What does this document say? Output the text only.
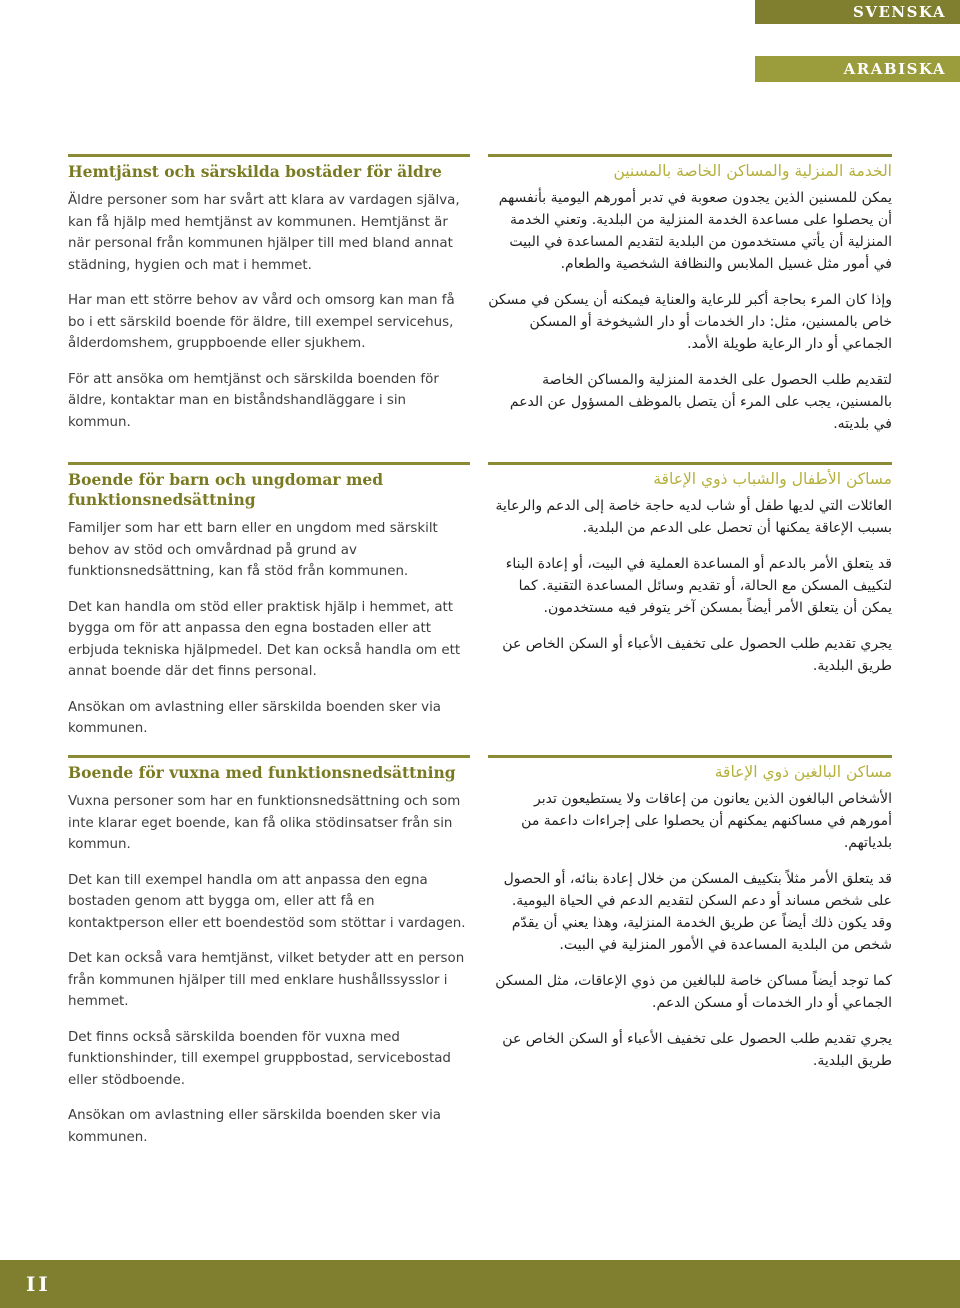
SVENSKA
ARABISKA
Hemtjänst och särskilda bostäder för äldre

Äldre personer som har svårt att klara av vardagen själva, kan få hjälp med hemtjänst av kommunen. Hemtjänst är när personal från kommunen hjälper till med bland annat städning, hygien och mat i hemmet.

Har man ett större behov av vård och omsorg kan man få bo i ett särskild boende för äldre, till exempel servicehus, ålderdomshem, gruppboende eller sjukhem.

För att ansöka om hemtjänst och särskilda boenden för äldre, kontaktar man en biståndshandläggare i sin kommun.

Boende för barn och ungdomar med funktionsnedsättning

Familjer som har ett barn eller en ungdom med särskilt behov av stöd och omvårdnad på grund av funktionsnedsättning, kan få stöd från kommunen.

Det kan handla om stöd eller praktisk hjälp i hemmet, att bygga om för att anpassa den egna bostaden eller att erbjuda tekniska hjälpmedel. Det kan också handla om ett annat boende där det finns personal.

Ansökan om avlastning eller särskilda boenden sker via kommunen.

Boende för vuxna med funktionsnedsättning

Vuxna personer som har en funktionsnedsättning och som inte klarar eget boende, kan få olika stödinsatser från sin kommun.

Det kan till exempel handla om att anpassa den egna bostaden genom att bygga om, eller att få en kontaktperson eller ett boendestöd som stöttar i vardagen.

Det kan också vara hemtjänst, vilket betyder att en person från kommunen hjälper till med enklare hushållssysslor i hemmet.

Det finns också särskilda boenden för vuxna med funktionshinder, till exempel gruppbostad, servicebostad eller stödboende.

Ansökan om avlastning eller särskilda boenden sker via kommunen.

الخدمة المنزلية والمساكن الخاصة بالمسنين

يمكن للمسنين الذين يجدون صعوبة في تدبر أمورهم اليومية بأنفسهم أن يحصلوا على مساعدة الخدمة المنزلية من البلدية. وتعني الخدمة المنزلية أن يأتي مستخدمون من البلدية لتقديم المساعدة في البيت في أمور مثل غسيل الملابس والنظافة الشخصية والطعام.

وإذا كان المرء بحاجة أكبر للرعاية والعناية فيمكنه أن يسكن في مسكن خاص بالمسنين، مثل: دار الخدمات أو دار الشيخوخة أو المسكن الجماعي أو دار الرعاية طويلة الأمد.

لتقديم طلب الحصول على الخدمة المنزلية والمساكن الخاصة بالمسنين، يجب على المرء أن يتصل بالموظف المسؤول عن الدعم في بلديته.

مساكن الأطفال والشباب ذوي الإعاقة

العائلات التي لديها طفل أو شاب لديه حاجة خاصة إلى الدعم والرعاية بسبب الإعاقة يمكنها أن تحصل على الدعم من البلدية.

قد يتعلق الأمر بالدعم أو المساعدة العملية في البيت، أو إعادة البناء لتكييف المسكن مع الحالة، أو تقديم وسائل المساعدة التقنية. كما يمكن أن يتعلق الأمر أيضاً بمسكن آخر يتوفر فيه مستخدمون.

يجري تقديم طلب الحصول على تخفيف الأعباء أو السكن الخاص عن طريق البلدية.

مساكن البالغين ذوي الإعاقة

الأشخاص البالغون الذين يعانون من إعاقات ولا يستطيعون تدبر أمورهم في مساكنهم يمكنهم أن يحصلوا على إجراءات داعمة من بلدياتهم.

قد يتعلق الأمر مثلاً بتكييف المسكن من خلال إعادة بنائه، أو الحصول على شخص مساند أو دعم السكن لتقديم الدعم في الحياة اليومية. وقد يكون ذلك أيضاً عن طريق الخدمة المنزلية، وهذا يعني أن يقدّم شخص من البلدية المساعدة في الأمور المنزلية في البيت.

كما توجد أيضاً مساكن خاصة للبالغين من ذوي الإعاقات، مثل المسكن الجماعي أو دار الخدمات أو مسكن الدعم.

يجري تقديم طلب الحصول على تخفيف الأعباء أو السكن الخاص عن طريق البلدية.

II
